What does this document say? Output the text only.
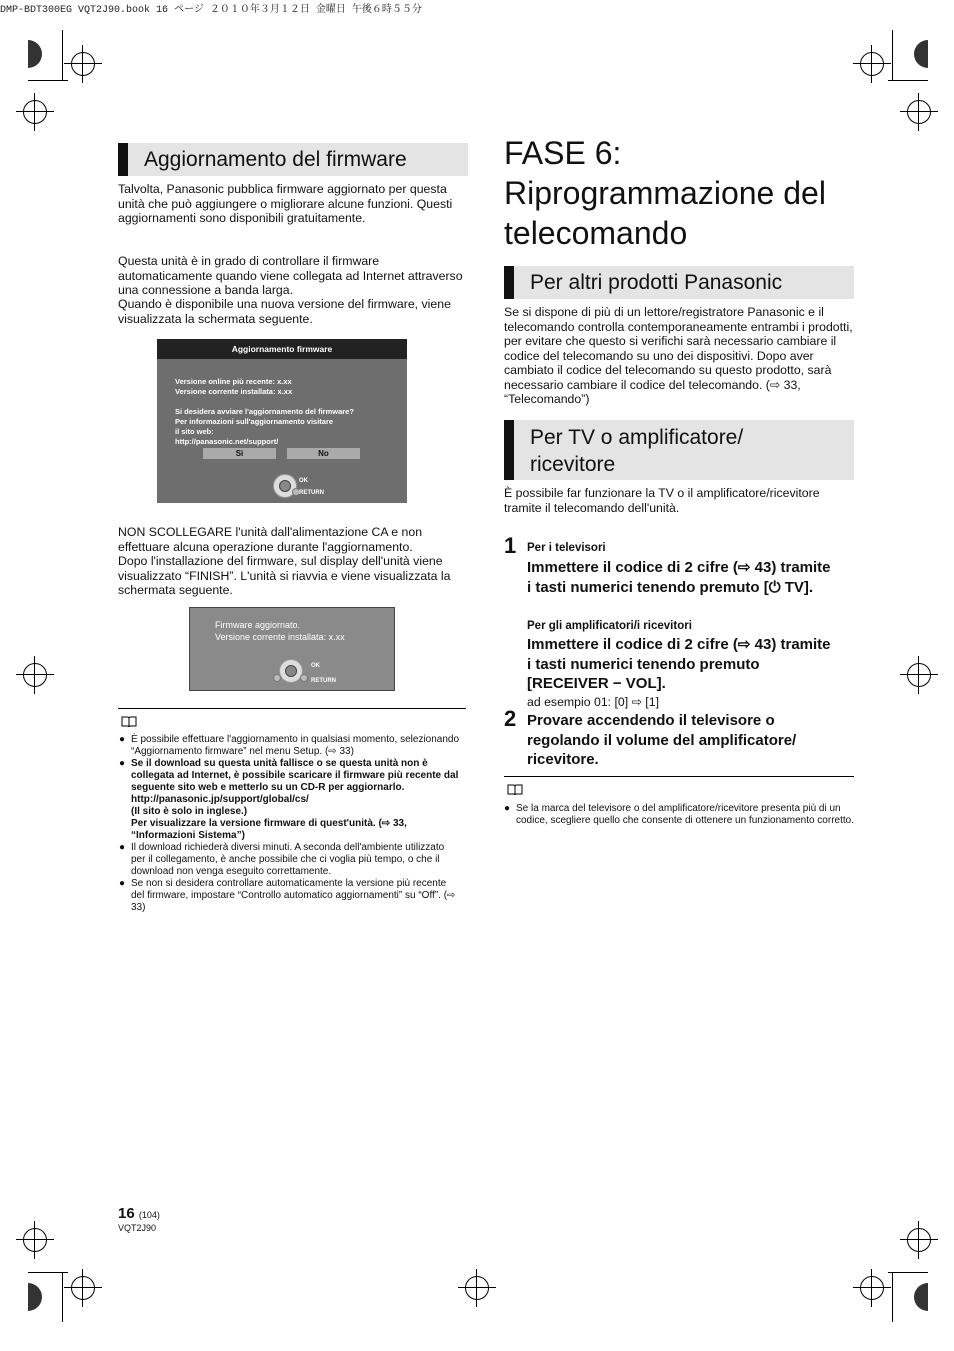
DMP-BDT300EG VQT2J90.book 16 ページ ２０１０年３月１２日 金曜日 午後６時５５分
Aggiornamento del firmware
Talvolta, Panasonic pubblica firmware aggiornato per questa unità che può aggiungere o migliorare alcune funzioni. Questi aggiornamenti sono disponibili gratuitamente.
Questa unità è in grado di controllare il firmware automaticamente quando viene collegata ad Internet attraverso una connessione a banda larga.
Quando è disponibile una nuova versione del firmware, viene visualizzata la schermata seguente.
Aggiornamento firmware
Versione online più recente: x.xx
Versione corrente installata: x.xx
Si desidera avviare l'aggiornamento del firmware?
Per informazioni sull'aggiornamento visitare
il sito web:
http://panasonic.net/support/
Sì	No
OK
RETURN
NON SCOLLEGARE l'unità dall'alimentazione CA e non effettuare alcuna operazione durante l'aggiornamento.
Dopo l'installazione del firmware, sul display dell'unità viene visualizzato “FINISH”. L'unità si riavvia e viene visualizzata la schermata seguente.
Firmware aggiornato.
Versione corrente installata: x.xx
OK
RETURN
● È possibile effettuare l'aggiornamento in qualsiasi momento, selezionando “Aggiornamento firmware” nel menu Setup. (⇨ 33)
● Se il download su questa unità fallisce o se questa unità non è collegata ad Internet, è possibile scaricare il firmware più recente dal seguente sito web e metterlo su un CD-R per aggiornarlo.
http://panasonic.jp/support/global/cs/
(Il sito è solo in inglese.)
Per visualizzare la versione firmware di quest'unità. (⇨ 33, “Informazioni Sistema”)
● Il download richiederà diversi minuti. A seconda dell'ambiente utilizzato per il collegamento, è anche possibile che ci voglia più tempo, o che il download non venga eseguito correttamente.
● Se non si desidera controllare automaticamente la versione più recente del firmware, impostare “Controllo automatico aggiornamenti” su “Off”. (⇨ 33)
FASE 6:
Riprogrammazione del
telecomando
Per altri prodotti Panasonic
Se si dispone di più di un lettore/registratore Panasonic e il telecomando controlla contemporaneamente entrambi i prodotti, per evitare che questo si verifichi sarà necessario cambiare il codice del telecomando su uno dei dispositivi. Dopo aver cambiato il codice del telecomando su questo prodotto, sarà necessario cambiare il codice del telecomando. (⇨ 33, “Telecomando”)
Per TV o amplificatore/
ricevitore
È possibile far funzionare la TV o il amplificatore/ricevitore tramite il telecomando dell'unità.
1 Per i televisori
Immettere il codice di 2 cifre (⇨ 43) tramite
i tasti numerici tenendo premuto [⏻ TV].
Per gli amplificatori/i ricevitori
Immettere il codice di 2 cifre (⇨ 43) tramite
i tasti numerici tenendo premuto
[RECEIVER − VOL].
ad esempio 01: [0] ⇨ [1]
2 Provare accendendo il televisore o
regolando il volume del amplificatore/
ricevitore.
● Se la marca del televisore o del amplificatore/ricevitore presenta più di un codice, scegliere quello che consente di ottenere un funzionamento corretto.
16 (104)
VQT2J90
